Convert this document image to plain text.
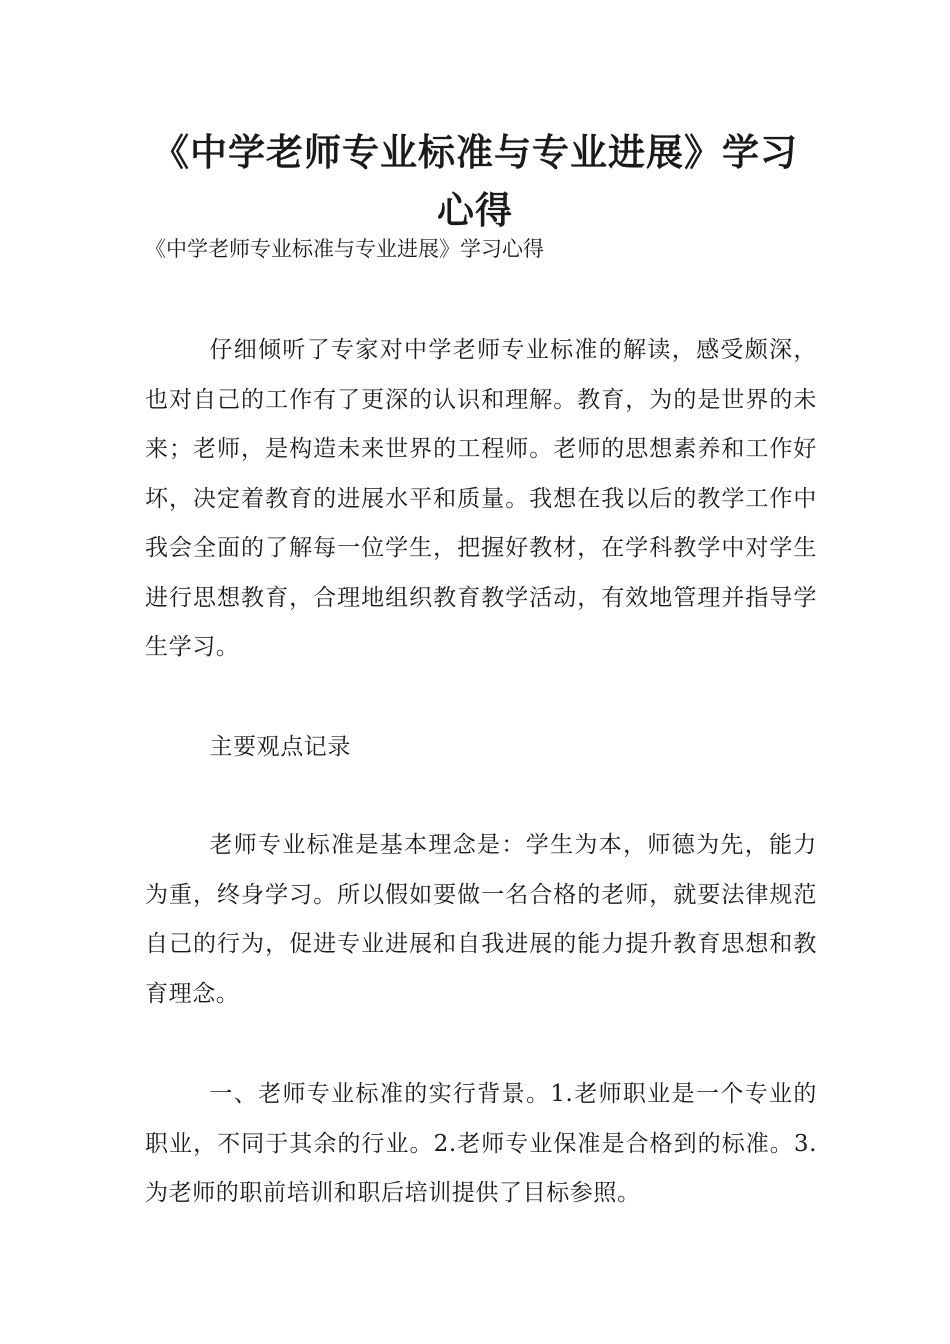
《中学老师专业标准与专业进展》学习心得

《中学老师专业标准与专业进展》学习心得

仔细倾听了专家对中学老师专业标准的解读，感受颇深，也对自己的工作有了更深的认识和理解。教育，为的是世界的未来；老师，是构造未来世界的工程师。老师的思想素养和工作好坏，决定着教育的进展水平和质量。我想在我以后的教学工作中我会全面的了解每一位学生，把握好教材，在学科教学中对学生进行思想教育，合理地组织教育教学活动，有效地管理并指导学生学习。

主要观点记录

老师专业标准是基本理念是：学生为本，师德为先，能力为重，终身学习。所以假如要做一名合格的老师，就要法律规范自己的行为，促进专业进展和自我进展的能力提升教育思想和教育理念。

一、老师专业标准的实行背景。1.老师职业是一个专业的职业，不同于其余的行业。2.老师专业保准是合格到的标准。3.为老师的职前培训和职后培训提供了目标参照。
